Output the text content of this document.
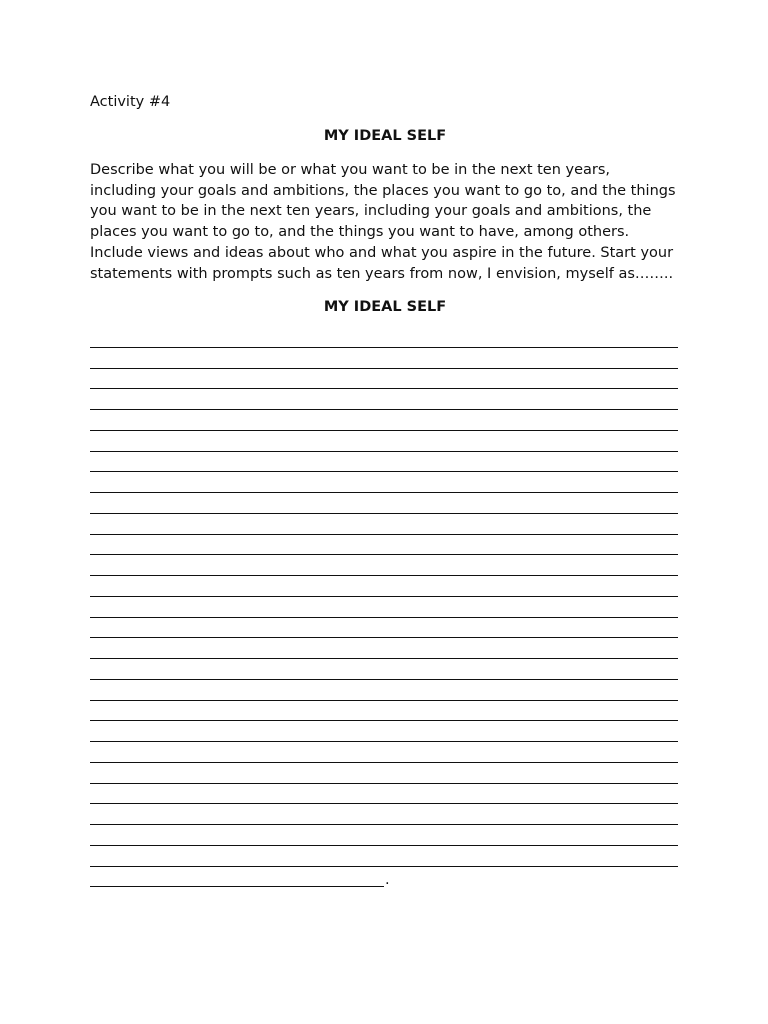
Activity #4

MY IDEAL SELF

Describe what you will be or what you want to be in the next ten years, including your goals and ambitions, the places you want to go to, and the things you want to be in the next ten years, including your goals and ambitions, the places you want to go to, and the things you want to have, among others. Include views and ideas about who and what you aspire in the future. Start your statements with prompts such as ten years from now, I envision, myself as……..

MY IDEAL SELF

.
